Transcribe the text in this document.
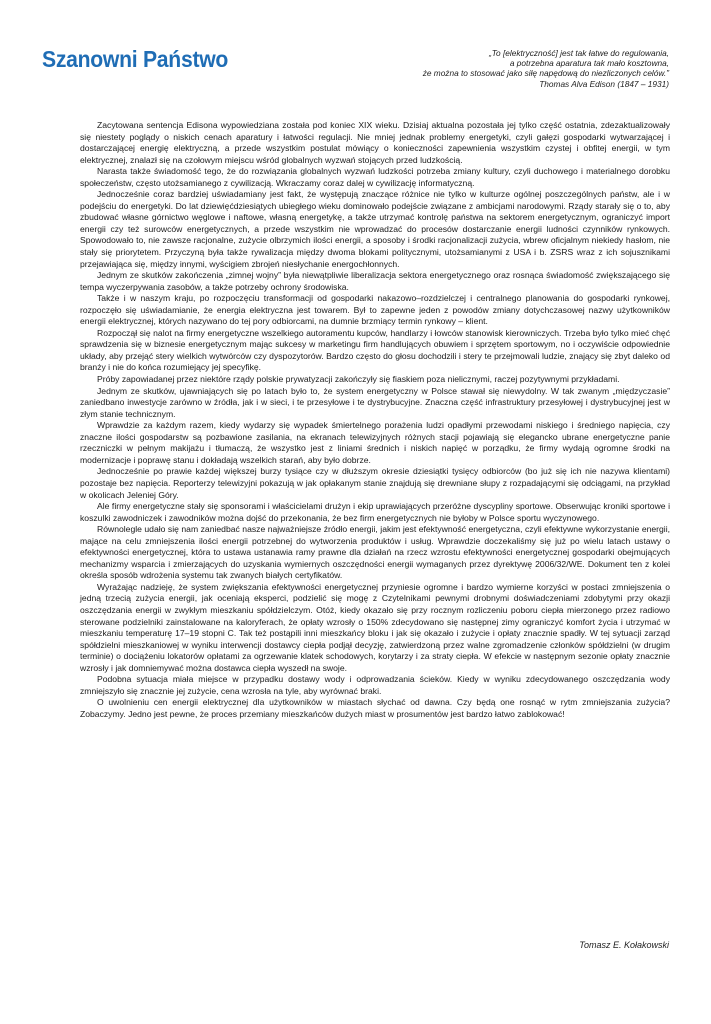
Szanowni Państwo	„To [elektryczność] jest tak łatwe do regulowania,
a potrzebna aparatura tak mało kosztowna,
że można to stosować jako siłę napędową do niezliczonych celów.”
Thomas Alva Edison (1847 – 1931)

Zacytowana sentencja Edisona wypowiedziana została pod koniec XIX wieku. Dzisiaj aktualna pozostała jej tylko część ostatnia, zdezaktualizowały się niestety poglądy o niskich cenach aparatury i łatwości regulacji. Nie mniej jednak problemy energetyki, czyli gałęzi gospodarki wytwarzającej i dostarczającej energię elektryczną, a przede wszystkim postulat mówiący o konieczności zapewnienia wszystkim czystej i obfitej energii, w tym elektrycznej, znalazł się na czołowym miejscu wśród globalnych wyzwań stojących przed ludzkością.

Narasta także świadomość tego, że do rozwiązania globalnych wyzwań ludzkości potrzeba zmiany kultury, czyli duchowego i materialnego dorobku społeczeństw, często utożsamianego z cywilizacją. Wkraczamy coraz dalej w cywilizację informatyczną.

Jednocześnie coraz bardziej uświadamiany jest fakt, że występują znaczące różnice nie tylko w kulturze ogólnej poszczególnych państw, ale i w podejściu do energetyki. Do lat dziewięćdziesiątych ubiegłego wieku dominowało podejście związane z ambicjami narodowymi. Rządy starały się o to, aby zbudować własne górnictwo węglowe i naftowe, własną energetykę, a także utrzymać kontrolę państwa na sektorem energetycznym, ograniczyć import energii czy też surowców energetycznych, a przede wszystkim nie wprowadzać do procesów dostarczanie energii ludności czynników rynkowych. Spowodowało to, nie zawsze racjonalne, zużycie olbrzymich ilości energii, a sposoby i środki racjonalizacji zużycia, wbrew oficjalnym niekiedy hasłom, nie stały się priorytetem. Przyczyną była także rywalizacja między dwoma blokami politycznymi, utożsamianymi z USA i b. ZSRS wraz z ich sojusznikami przejawiająca się, między innymi, wyścigiem zbrojeń niesłychanie energochłonnych.

Jednym ze skutków zakończenia „zimnej wojny” była niewątpliwie liberalizacja sektora energetycznego oraz rosnąca świadomość zwiększającego się tempa wyczerpywania zasobów, a także potrzeby ochrony środowiska.

Także i w naszym kraju, po rozpoczęciu transformacji od gospodarki nakazowo–rozdzielczej i centralnego planowania do gospodarki rynkowej, rozpoczęło się uświadamianie, że energia elektryczna jest towarem. Był to zapewne jeden z powodów zmiany dotychczasowej nazwy użytkowników energii elektrycznej, których nazywano do tej pory odbiorcami, na dumnie brzmiący termin rynkowy – klient.

Rozpoczął się nalot na firmy energetyczne wszelkiego autoramentu kupców, handlarzy i łowców stanowisk kierowniczych. Trzeba było tylko mieć chęć sprawdzenia się w biznesie energetycznym mając sukcesy w marketingu firm handlujących obuwiem i sprzętem sportowym, no i oczywiście odpowiednie układy, aby przejąć stery wielkich wytwórców czy dyspozytorów. Bardzo często do głosu dochodzili i stery te przejmowali ludzie, znający się zbyt daleko od branży i nie do końca rozumiejący jej specyfikę.

Próby zapowiadanej przez niektóre rządy polskie prywatyzacji zakończyły się fiaskiem poza nielicznymi, raczej pozytywnymi przykładami.

Jednym ze skutków, ujawniających się po latach było to, że system energetyczny w Polsce stawał się niewydolny. W tak zwanym „międzyczasie” zaniedbano inwestycje zarówno w źródła, jak i w sieci, i te przesyłowe i te dystrybucyjne. Znaczna część infrastruktury przesyłowej i dystrybucyjnej jest w złym stanie technicznym.

Wprawdzie za każdym razem, kiedy wydarzy się wypadek śmiertelnego porażenia ludzi opadłymi przewodami niskiego i średniego napięcia, czy znaczne ilości gospodarstw są pozbawione zasilania, na ekranach telewizyjnych różnych stacji pojawiają się elegancko ubrane energetyczne panie rzeczniczki w pełnym makijażu i tłumaczą, że wszystko jest z liniami średnich i niskich napięć w porządku, że firmy wydają ogromne środki na modernizacje i poprawę stanu i dokładają wszelkich starań, aby było dobrze.

Jednocześnie po prawie każdej większej burzy tysiące czy w dłuższym okresie dziesiątki tysięcy odbiorców (bo już się ich nie nazywa klientami) pozostaje bez napięcia. Reporterzy telewizyjni pokazują w jak opłakanym stanie znajdują się drewniane słupy z rozpadającymi się odciągami, na przykład w okolicach Jeleniej Góry.

Ale firmy energetyczne stały się sponsorami i właścicielami drużyn i ekip uprawiających przeróżne dyscypliny sportowe. Obserwując kroniki sportowe i koszulki zawodniczek i zawodników można dojść do przekonania, że bez firm energetycznych nie byłoby w Polsce sportu wyczynowego.

Równolegle udało się nam zaniedbać nasze najważniejsze źródło energii, jakim jest efektywność energetyczna, czyli efektywne wykorzystanie energii, mające na celu zmniejszenia ilości energii potrzebnej do wytworzenia produktów i usług. Wprawdzie doczekaliśmy się już po wielu latach ustawy o efektywności energetycznej, która to ustawa ustanawia ramy prawne dla działań na rzecz wzrostu efektywności energetycznej gospodarki obejmujących mechanizmy wsparcia i zmierzających do uzyskania wymiernych oszczędności energii wymaganych przez dyrektywę 2006/32/WE. Dokument ten z kolei określa sposób wdrożenia systemu tak zwanych białych certyfikatów.

Wyrażając nadzieję, że system zwiększania efektywności energetycznej przyniesie ogromne i bardzo wymierne korzyści w postaci zmniejszenia o jedną trzecią zużycia energii, jak oceniają eksperci, podzielić się mogę z Czytelnikami pewnymi drobnymi doświadczeniami zdobytymi przy okazji oszczędzania energii w zwykłym mieszkaniu spółdzielczym. Otóż, kiedy okazało się przy rocznym rozliczeniu poboru ciepła mierzonego przez radiowo sterowane podzielniki zainstalowane na kaloryferach, że opłaty wzrosły o 150% zdecydowano się następnej zimy ograniczyć komfort życia i utrzymać w mieszkaniu temperaturę 17–19 stopni C. Tak też postąpili inni mieszkańcy bloku i jak się okazało i zużycie i opłaty znacznie spadły. W tej sytuacji zarząd spółdzielni mieszkaniowej w wyniku interwencji dostawcy ciepła podjął decyzję, zatwierdzoną przez walne zgromadzenie członków spółdzielni (w drugim terminie) o dociążeniu lokatorów opłatami za ogrzewanie klatek schodowych, korytarzy i za straty ciepła. W efekcie w następnym sezonie opłaty znacznie wzrosły i jak domniemywać można dostawca ciepła wyszedł na swoje.

Podobna sytuacja miała miejsce w przypadku dostawy wody i odprowadzania ścieków. Kiedy w wyniku zdecydowanego oszczędzania wody zmniejszyło się znacznie jej zużycie, cena wzrosła na tyle, aby wyrównać braki.

O uwolnieniu cen energii elektrycznej dla użytkowników w miastach słychać od dawna. Czy będą one rosnąć w rytm zmniejszania zużycia? Zobaczymy. Jedno jest pewne, że proces przemiany mieszkańców dużych miast w prosumentów jest bardzo łatwo zablokować!

Tomasz E. Kołakowski
